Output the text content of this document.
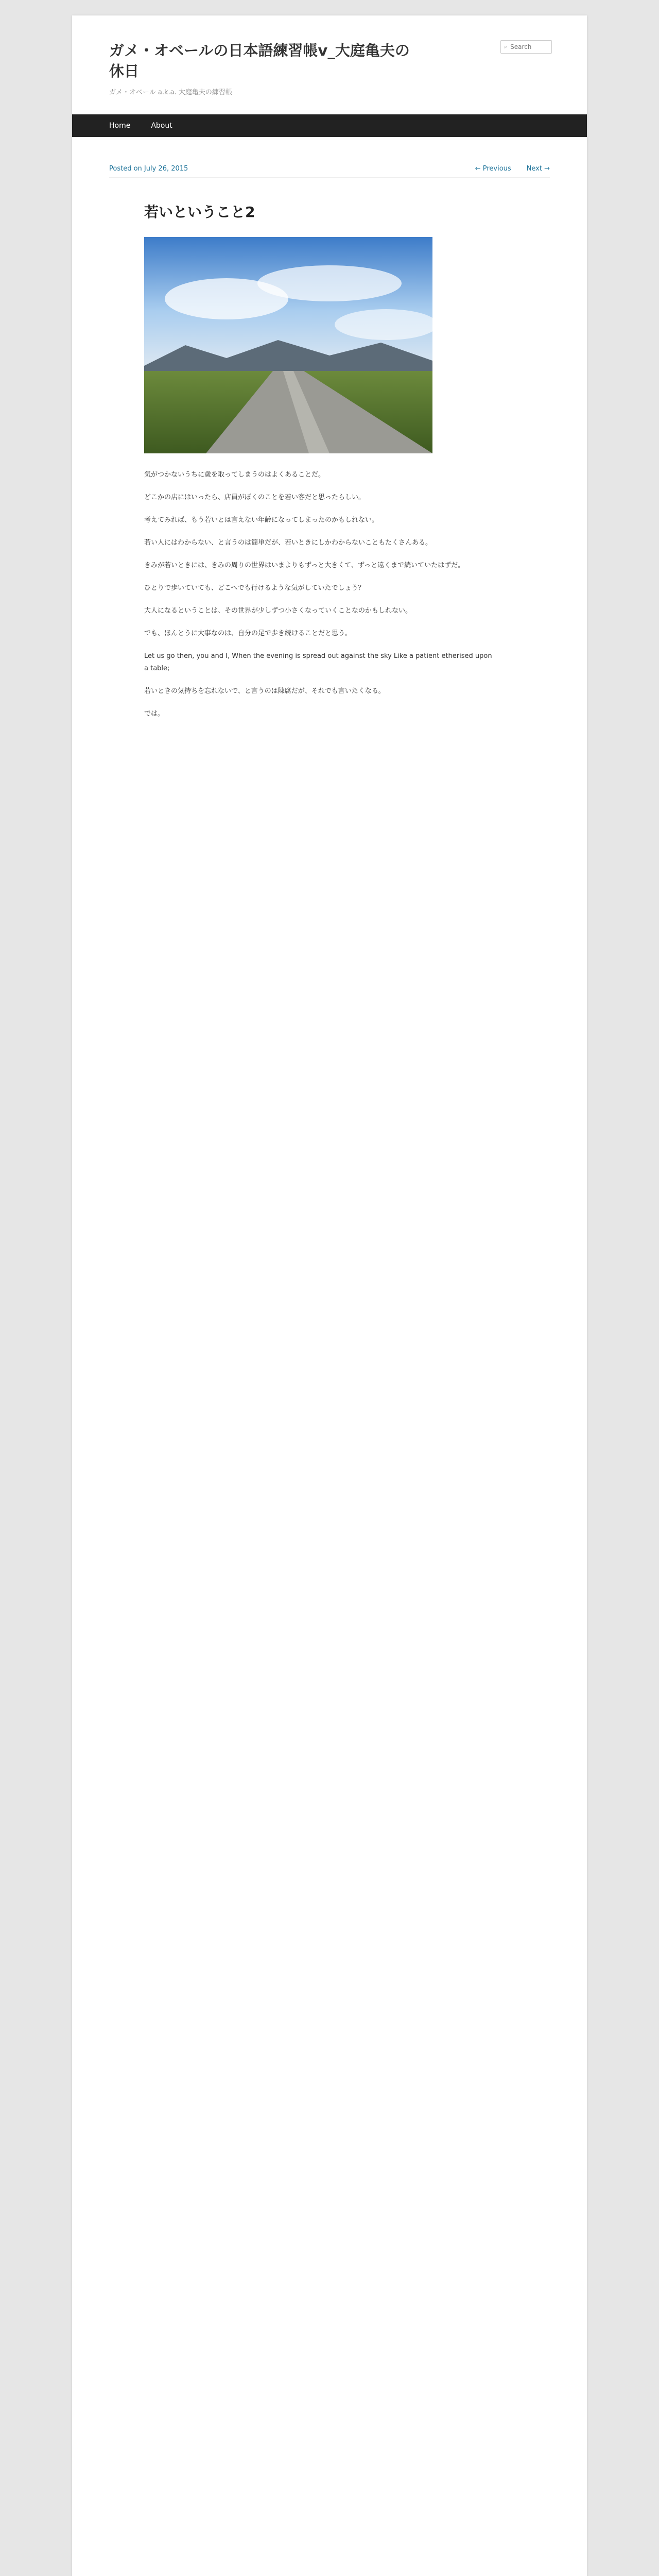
ガメ・オベールの日本語練習帳v_大庭亀夫の休日
ガメ・オベール a.k.a. 大庭亀夫の練習帳
⌕
Search
Home	About
Posted on July 26, 2015	← Previous Next →
若いということ2

気がつかないうちに歳を取ってしまうのはよくあることだ。

どこかの店にはいったら、店員がぼくのことを若い客だと思ったらしい。

考えてみれば、もう若いとは言えない年齢になってしまったのかもしれない。

若い人にはわからない、と言うのは簡単だが、若いときにしかわからないこともたくさんある。

きみが若いときには、きみの周りの世界はいまよりもずっと大きくて、ずっと遠くまで続いていたはずだ。

ひとりで歩いていても、どこへでも行けるような気がしていたでしょう？

大人になるということは、その世界が少しずつ小さくなっていくことなのかもしれない。

でも、ほんとうに大事なのは、自分の足で歩き続けることだと思う。

Let us go then, you and I, When the evening is spread out against the sky Like a patient etherised upon a table;

若いときの気持ちを忘れないで、と言うのは陳腐だが、それでも言いたくなる。

では。
